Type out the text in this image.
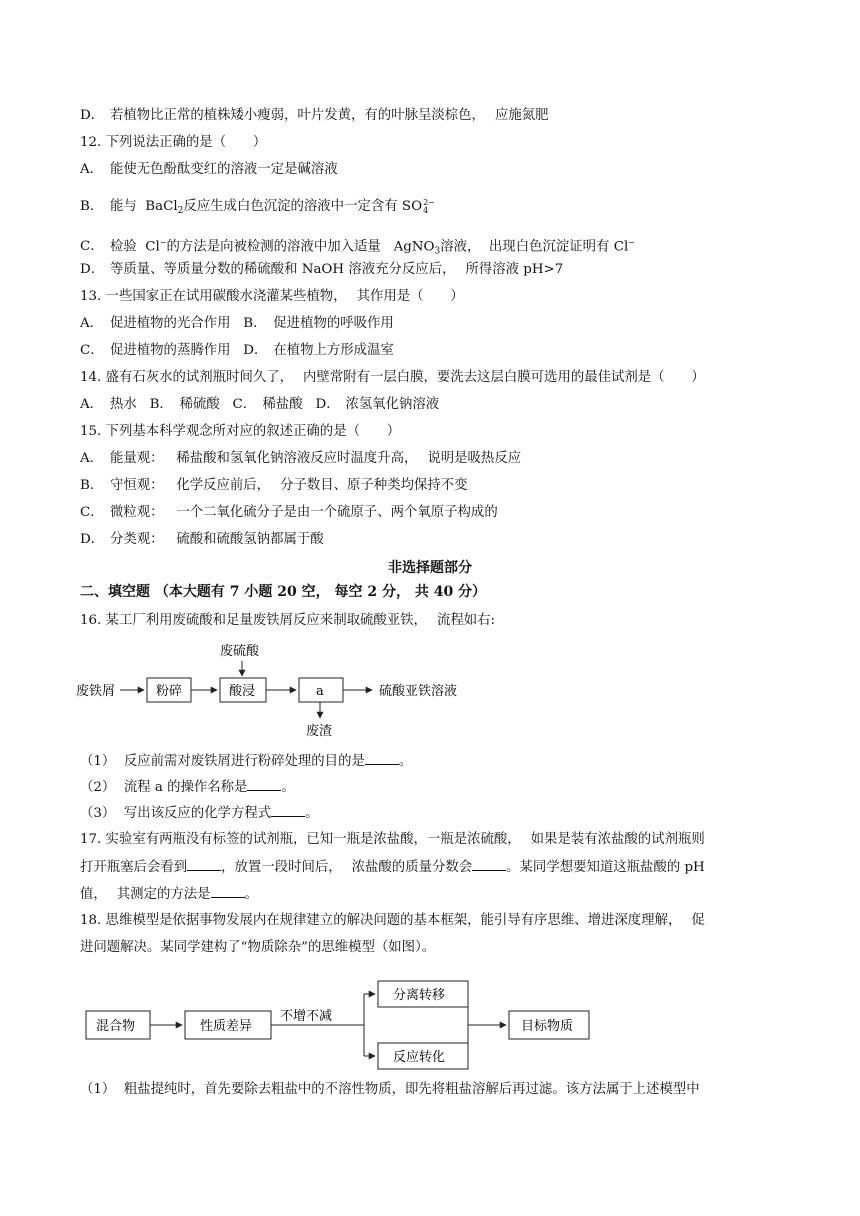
D． 若植物比正常的植株矮小瘦弱，叶片发黄，有的叶脉呈淡棕色， 应施氮肥
12. 下列说法正确的是（　　）
A． 能使无色酚酞变红的溶液一定是碱溶液
B． 能与 BaCl$_2$反应生成白色沉淀的溶液中一定含有 SO 2−
4
C． 检验 Cl−的方法是向被检测的溶液中加入适量 AgNO$_3$溶液， 出现白色沉淀证明有 Cl−
D． 等质量、等质量分数的稀硫酸和 NaOH 溶液充分反应后， 所得溶液 pH>7
13. 一些国家正在试用碳酸水浇灌某些植物， 其作用是（　　）
A． 促进植物的光合作用 B． 促进植物的呼吸作用
C． 促进植物的蒸腾作用 D． 在植物上方形成温室
14. 盛有石灰水的试剂瓶时间久了， 内壁常附有一层白膜，要洗去这层白膜可选用的最佳试剂是（　　）
A． 热水 B． 稀硫酸 C． 稀盐酸 D． 浓氢氧化钠溶液
15. 下列基本科学观念所对应的叙述正确的是（　　）
A． 能量观： 稀盐酸和氢氧化钠溶液反应时温度升高， 说明是吸热反应
B． 守恒观： 化学反应前后， 分子数目、原子种类均保持不变
C． 微粒观： 一个二氧化硫分子是由一个硫原子、两个氧原子构成的
D． 分类观： 硫酸和硫酸氢钠都属于酸
非选择题部分
二、填空题 （本大题有 7 小题 20 空， 每空 2 分， 共 40 分）
16. 某工厂利用废硫酸和足量废铁屑反应来制取硫酸亚铁， 流程如右:
废铁屑	粉碎
废硫酸
酸浸	a
废渣
硫酸亚铁溶液
（1） 反应前需对废铁屑进行粉碎处理的目的是	。
（2） 流程 a 的操作名称是	。
（3） 写出该反应的化学方程式	。
17. 实验室有两瓶没有标签的试剂瓶，已知一瓶是浓盐酸，一瓶是浓硫酸， 如果是装有浓盐酸的试剂瓶则
打开瓶塞后会看到	，放置一段时间后， 浓盐酸的质量分数会	。某同学想要知道这瓶盐酸的 pH
值， 其测定的方法是	。
18. 思维模型是依据事物发展内在规律建立的解决问题的基本框架，能引导有序思维、增进深度理解， 促
进问题解决。某同学建构了“物质除杂”的思维模型（如图）。
混合物	性质差异
不增不减
分离转移
反应转化
目标物质
（1） 粗盐提纯时，首先要除去粗盐中的不溶性物质，即先将粗盐溶解后再过滤。该方法属于上述模型中
